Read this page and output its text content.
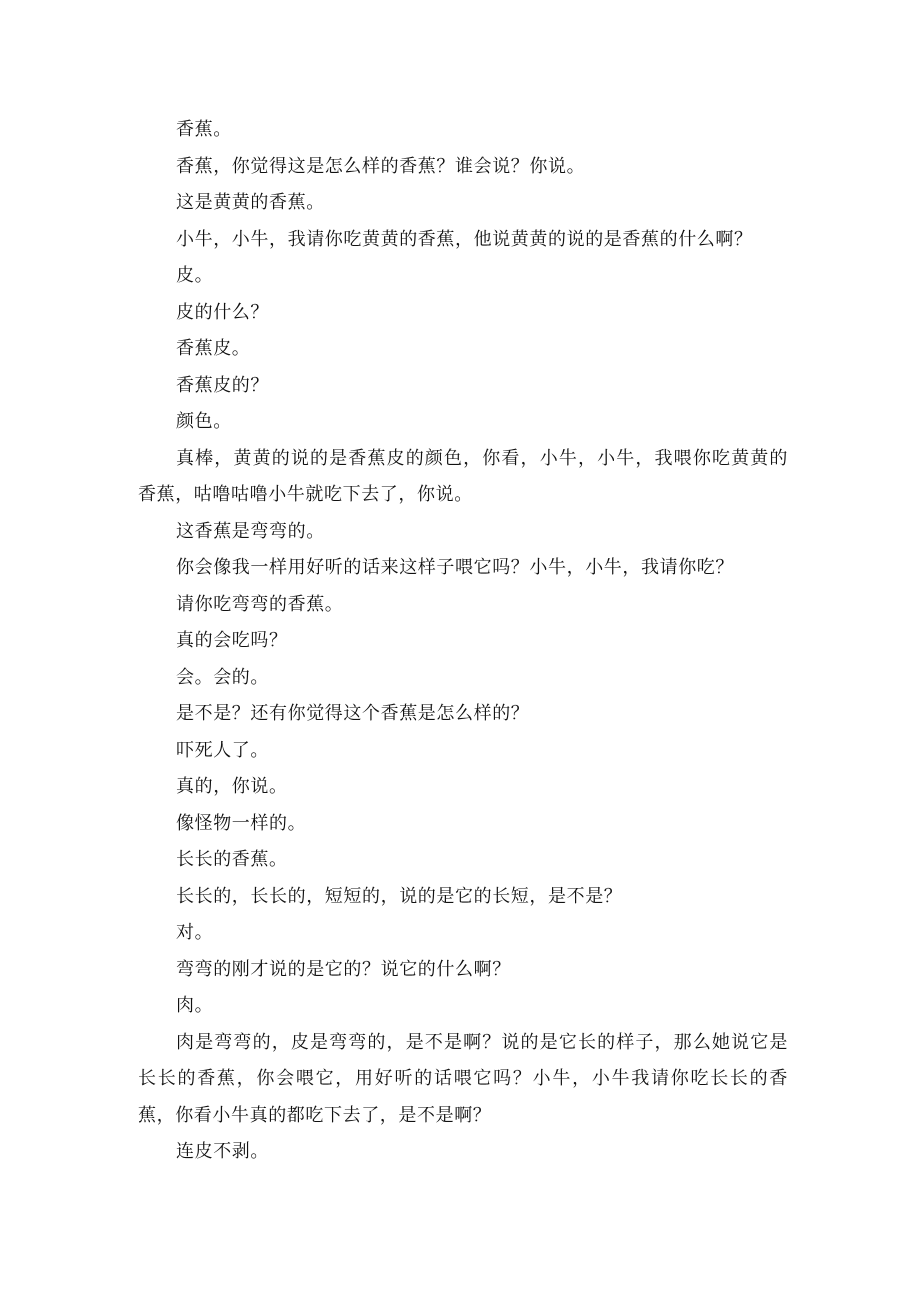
香蕉。

香蕉，你觉得这是怎么样的香蕉？谁会说？你说。

这是黄黄的香蕉。

小牛，小牛，我请你吃黄黄的香蕉，他说黄黄的说的是香蕉的什么啊？

皮。

皮的什么？

香蕉皮。

香蕉皮的？

颜色。

真棒，黄黄的说的是香蕉皮的颜色，你看，小牛，小牛，我喂你吃黄黄的香蕉，咕噜咕噜小牛就吃下去了，你说。

这香蕉是弯弯的。

你会像我一样用好听的话来这样子喂它吗？小牛，小牛，我请你吃？

请你吃弯弯的香蕉。

真的会吃吗？

会。会的。

是不是？还有你觉得这个香蕉是怎么样的？

吓死人了。

真的，你说。

像怪物一样的。

长长的香蕉。

长长的，长长的，短短的，说的是它的长短，是不是？

对。

弯弯的刚才说的是它的？说它的什么啊？

肉。

肉是弯弯的，皮是弯弯的，是不是啊？说的是它长的样子，那么她说它是长长的香蕉，你会喂它，用好听的话喂它吗？小牛，小牛我请你吃长长的香蕉，你看小牛真的都吃下去了，是不是啊？

连皮不剥。
